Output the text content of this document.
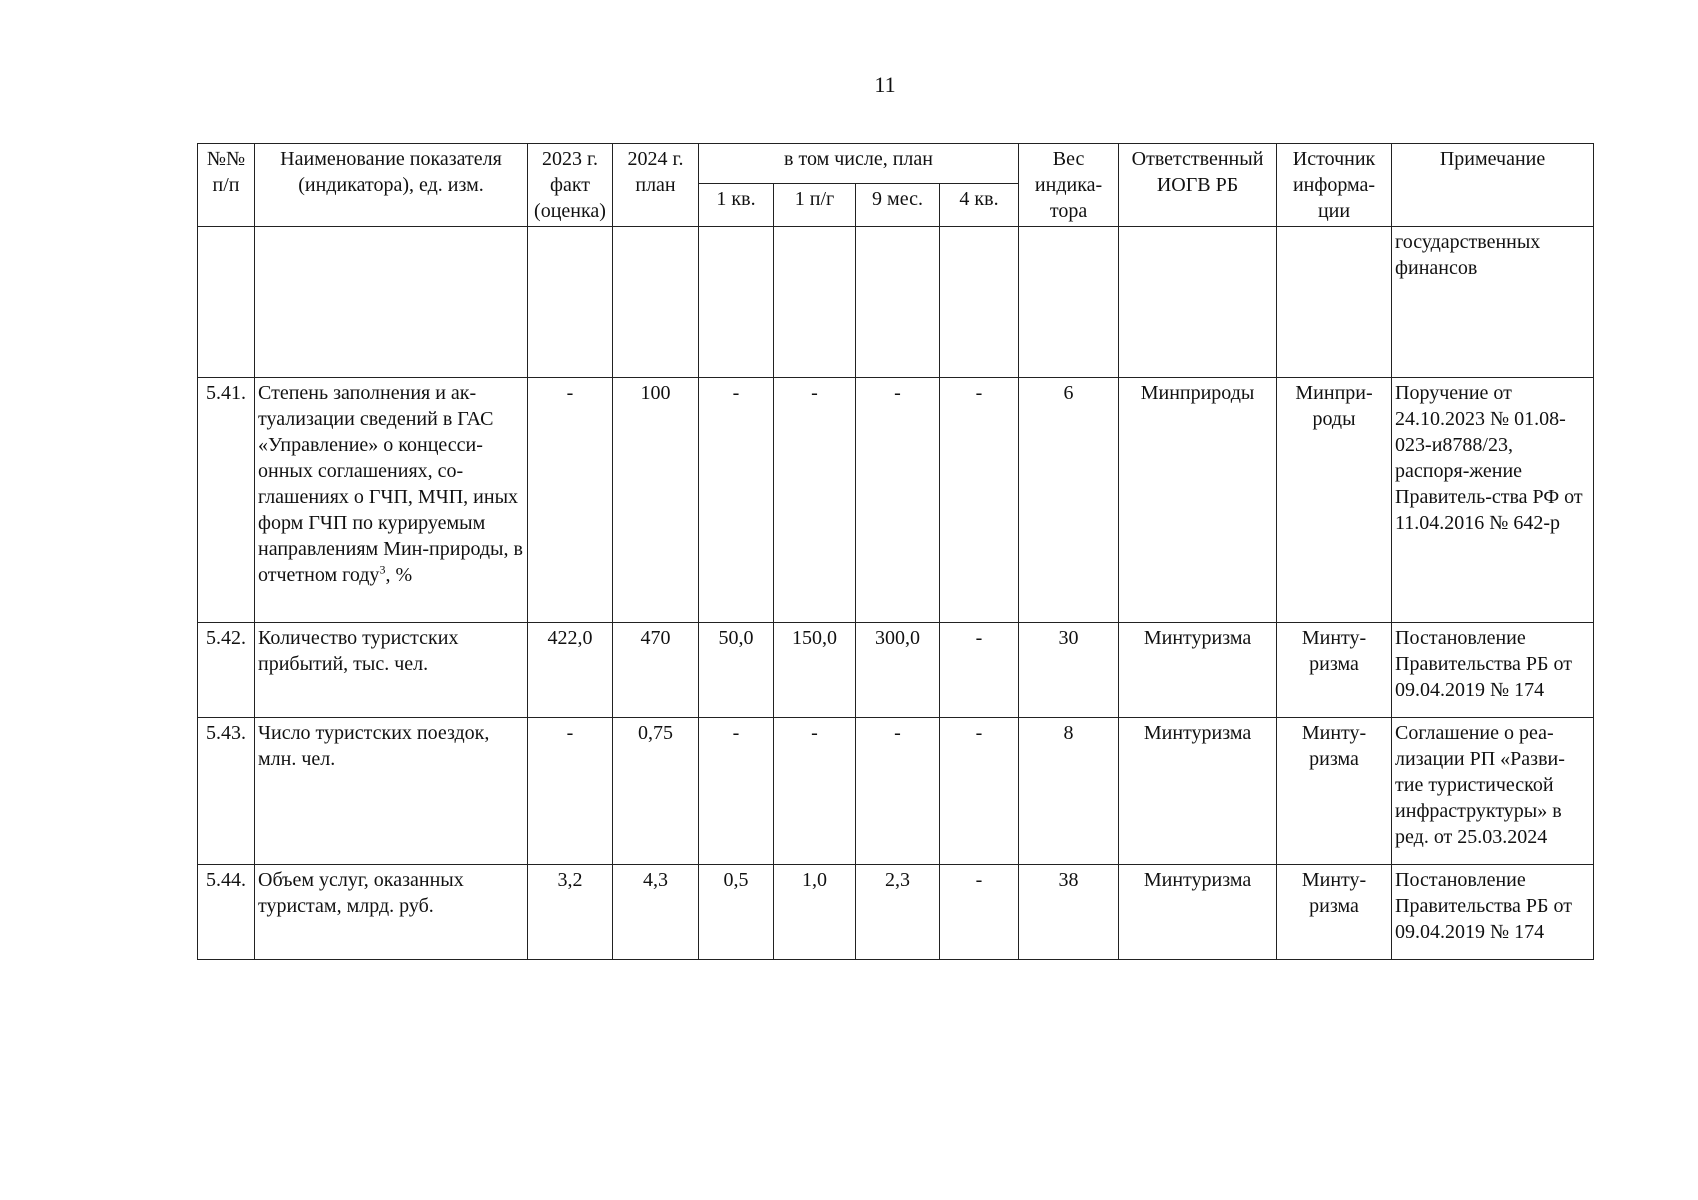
11
№№ п/п	Наименование показателя (индикатора), ед. изм.	2023 г. факт (оценка)	2024 г. план	в том числе, план				Вес индика-тора	Ответственный ИОГВ РБ	Источник информа-ции	Примечание
				1 кв.	1 п/г	9 мес.	4 кв.				
											государственных финансов
5.41.	Степень заполнения и ак-туализации сведений в ГАС «Управление» о концесси-онных соглашениях, со-глашениях о ГЧП, МЧП, иных форм ГЧП по курируемым направлениям Мин-природы, в отчетном году$^3$, %	-	100	-	-	-	-	6	Минприроды	Минпри-роды	Поручение от 24.10.2023 № 01.08-023-и8788/23, распоря-жение Правитель-ства РФ от 11.04.2016 № 642-р
5.42.	Количество туристских прибытий, тыс. чел.	422,0	470	50,0	150,0	300,0	-	30	Минтуризма	Минту-ризма	Постановление Правительства РБ от 09.04.2019 № 174
5.43.	Число туристских поездок, млн. чел.	-	0,75	-	-	-	-	8	Минтуризма	Минту-ризма	Соглашение о реа-лизации РП «Разви-тие туристической инфраструктуры» в ред. от 25.03.2024
5.44.	Объем услуг, оказанных туристам, млрд. руб.	3,2	4,3	0,5	1,0	2,3	-	38	Минтуризма	Минту-ризма	Постановление Правительства РБ от 09.04.2019 № 174
